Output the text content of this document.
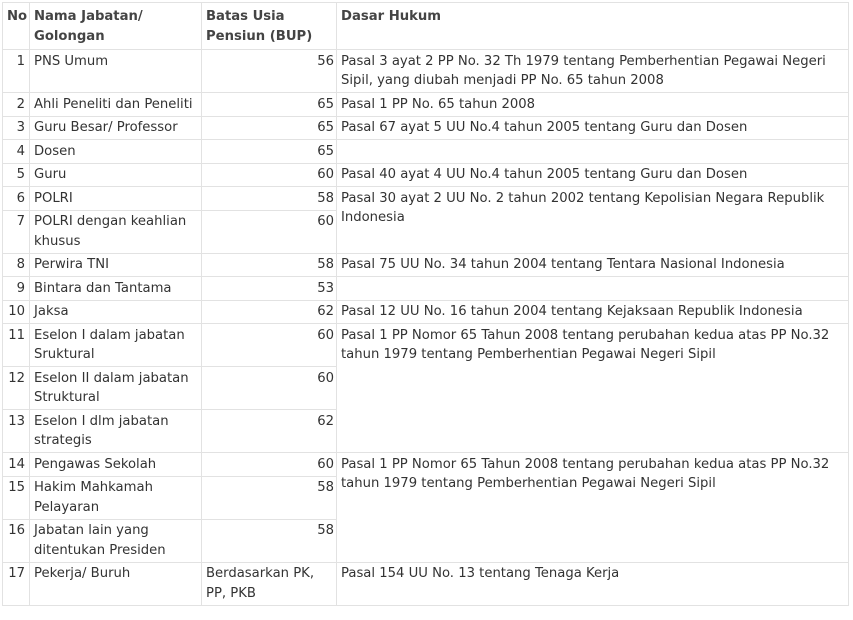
No	Nama Jabatan/ Golongan	Batas Usia Pensiun (BUP)	Dasar Hukum
1	PNS Umum	56	Pasal 3 ayat 2 PP No. 32 Th 1979 tentang Pemberhentian Pegawai Negeri Sipil, yang diubah menjadi PP No. 65 tahun 2008
2	Ahli Peneliti dan Peneliti	65	Pasal 1 PP No. 65 tahun 2008
3	Guru Besar/ Professor	65	Pasal 67 ayat 5 UU No.4 tahun 2005 tentang Guru dan Dosen
4	Dosen	65	
5	Guru	60	Pasal 40 ayat 4 UU No.4 tahun 2005 tentang Guru dan Dosen
6	POLRI	58	Pasal 30 ayat 2 UU No. 2 tahun 2002 tentang Kepolisian Negara Republik Indonesia
7	POLRI dengan keahlian khusus	60	
8	Perwira TNI	58	Pasal 75 UU No. 34 tahun 2004 tentang Tentara Nasional Indonesia
9	Bintara dan Tantama	53	
10	Jaksa	62	Pasal 12 UU No. 16 tahun 2004 tentang Kejaksaan Republik Indonesia
11	Eselon I dalam jabatan Sruktural	60	Pasal 1 PP Nomor 65 Tahun 2008 tentang perubahan kedua atas PP No.32 tahun 1979 tentang Pemberhentian Pegawai Negeri Sipil
12	Eselon II dalam jabatan Struktural	60	
13	Eselon I dlm jabatan strategis	62	
14	Pengawas Sekolah	60	Pasal 1 PP Nomor 65 Tahun 2008 tentang perubahan kedua atas PP No.32 tahun 1979 tentang Pemberhentian Pegawai Negeri Sipil
15	Hakim Mahkamah Pelayaran	58	
16	Jabatan lain yang ditentukan Presiden	58	
17	Pekerja/ Buruh	Berdasarkan PK, PP, PKB	Pasal 154 UU No. 13 tentang Tenaga Kerja
